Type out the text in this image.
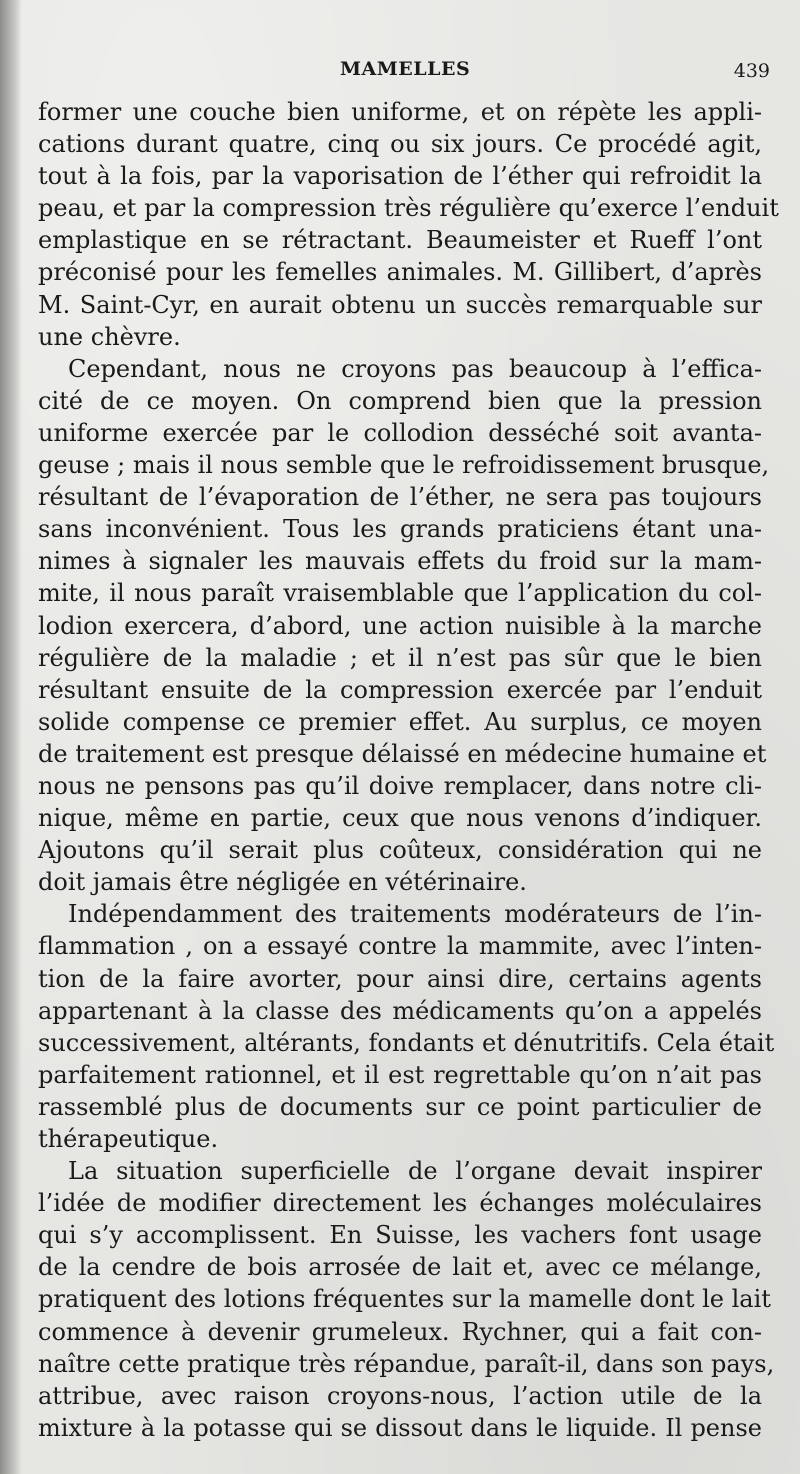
MAMELLES	439
former une couche bien uniforme, et on répète les appli-
cations durant quatre, cinq ou six jours. Ce procédé agit,
tout à la fois, par la vaporisation de l’éther qui refroidit la
peau, et par la compression très régulière qu’exerce l’enduit
emplastique en se rétractant. Beaumeister et Rueff l’ont
préconisé pour les femelles animales. M. Gillibert, d’après
M. Saint-Cyr, en aurait obtenu un succès remarquable sur
une chèvre.
Cependant, nous ne croyons pas beaucoup à l’effica-
cité de ce moyen. On comprend bien que la pression
uniforme exercée par le collodion desséché soit avanta-
geuse ; mais il nous semble que le refroidissement brusque,
résultant de l’évaporation de l’éther, ne sera pas toujours
sans inconvénient. Tous les grands praticiens étant una-
nimes à signaler les mauvais effets du froid sur la mam-
mite, il nous paraît vraisemblable que l’application du col-
lodion exercera, d’abord, une action nuisible à la marche
régulière de la maladie ; et il n’est pas sûr que le bien
résultant ensuite de la compression exercée par l’enduit
solide compense ce premier effet. Au surplus, ce moyen
de traitement est presque délaissé en médecine humaine et
nous ne pensons pas qu’il doive remplacer, dans notre cli-
nique, même en partie, ceux que nous venons d’indiquer.
Ajoutons qu’il serait plus coûteux, considération qui ne
doit jamais être négligée en vétérinaire.
Indépendamment des traitements modérateurs de l’in-
flammation , on a essayé contre la mammite, avec l’inten-
tion de la faire avorter, pour ainsi dire, certains agents
appartenant à la classe des médicaments qu’on a appelés
successivement, altérants, fondants et dénutritifs. Cela était
parfaitement rationnel, et il est regrettable qu’on n’ait pas
rassemblé plus de documents sur ce point particulier de
thérapeutique.
La situation superficielle de l’organe devait inspirer
l’idée de modifier directement les échanges moléculaires
qui s’y accomplissent. En Suisse, les vachers font usage
de la cendre de bois arrosée de lait et, avec ce mélange,
pratiquent des lotions fréquentes sur la mamelle dont le lait
commence à devenir grumeleux. Rychner, qui a fait con-
naître cette pratique très répandue, paraît-il, dans son pays,
attribue, avec raison croyons-nous, l’action utile de la
mixture à la potasse qui se dissout dans le liquide. Il pense
